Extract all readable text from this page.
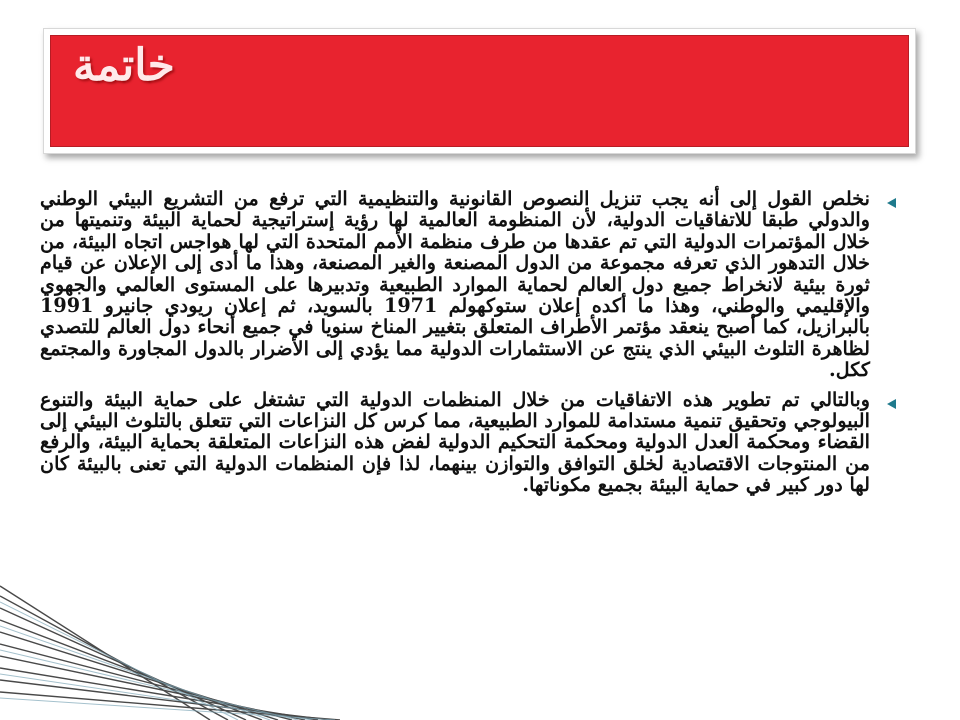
خاتمة

نخلص القول إلى أنه يجب تنزيل النصوص القانونية والتنظيمية التي ترفع من التشريع البيئي الوطني والدولي طبقا للاتفاقيات الدولية، لأن المنظومة العالمية لها رؤية إستراتيجية لحماية البيئة وتنميتها من خلال المؤتمرات الدولية التي تم عقدها من طرف منظمة الأمم المتحدة التي لها هواجس اتجاه البيئة، من خلال التدهور الذي تعرفه مجموعة من الدول المصنعة والغير المصنعة، وهذا ما أدى إلى الإعلان عن قيام ثورة بيئية لانخراط جميع دول العالم لحماية الموارد الطبيعية وتدبيرها على المستوى العالمي والجهوي والإقليمي والوطني، وهذا ما أكده إعلان ستوكهولم 1971 بالسويد، ثم إعلان ريودي جانيرو 1991 بالبرازيل، كما أصبح ينعقد مؤتمر الأطراف المتعلق بتغيير المناخ سنويا في جميع أنحاء دول العالم للتصدي لظاهرة التلوث البيئي الذي ينتج عن الاستثمارات الدولية مما يؤدي إلى الأضرار بالدول المجاورة والمجتمع ككل.

وبالتالي تم تطوير هذه الاتفاقيات من خلال المنظمات الدولية التي تشتغل على حماية البيئة والتنوع البيولوجي وتحقيق تنمية مستدامة للموارد الطبيعية، مما كرس كل النزاعات التي تتعلق بالتلوث البيئي إلى القضاء ومحكمة العدل الدولية ومحكمة التحكيم الدولية لفض هذه النزاعات المتعلقة بحماية البيئة، والرفع من المنتوجات الاقتصادية لخلق التوافق والتوازن بينهما، لذا فإن المنظمات الدولية التي تعنى بالبيئة كان لها دور كبير في حماية البيئة بجميع مكوناتها.
